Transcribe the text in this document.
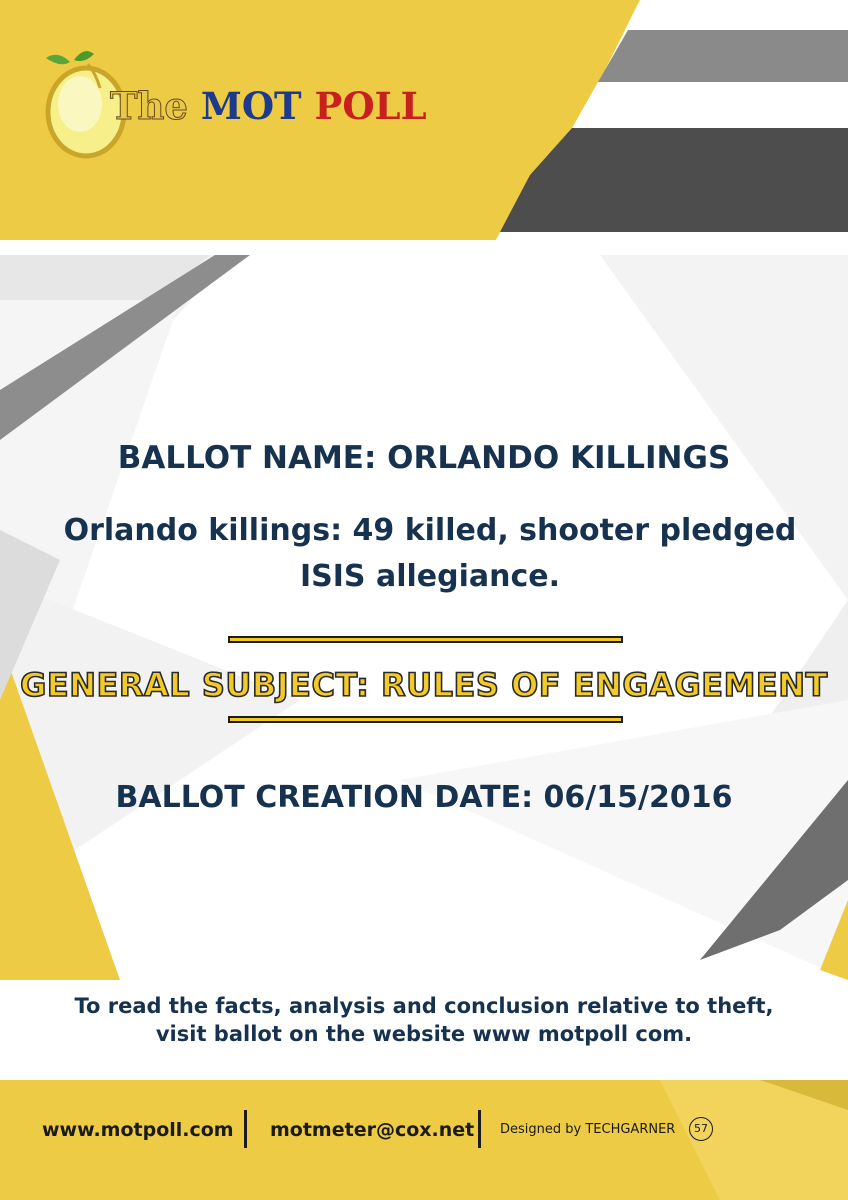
The MOT POLL
BALLOT NAME: ORLANDO KILLINGS
Orlando killings: 49 killed, shooter pledged ISIS allegiance.
GENERAL SUBJECT: RULES OF ENGAGEMENT
BALLOT CREATION DATE: 06/15/2016
To read the facts, analysis and conclusion relative to theft,
visit ballot on the website www motpoll com.
www.motpoll.com motmeter@cox.net Designed by TECHGARNER	57
